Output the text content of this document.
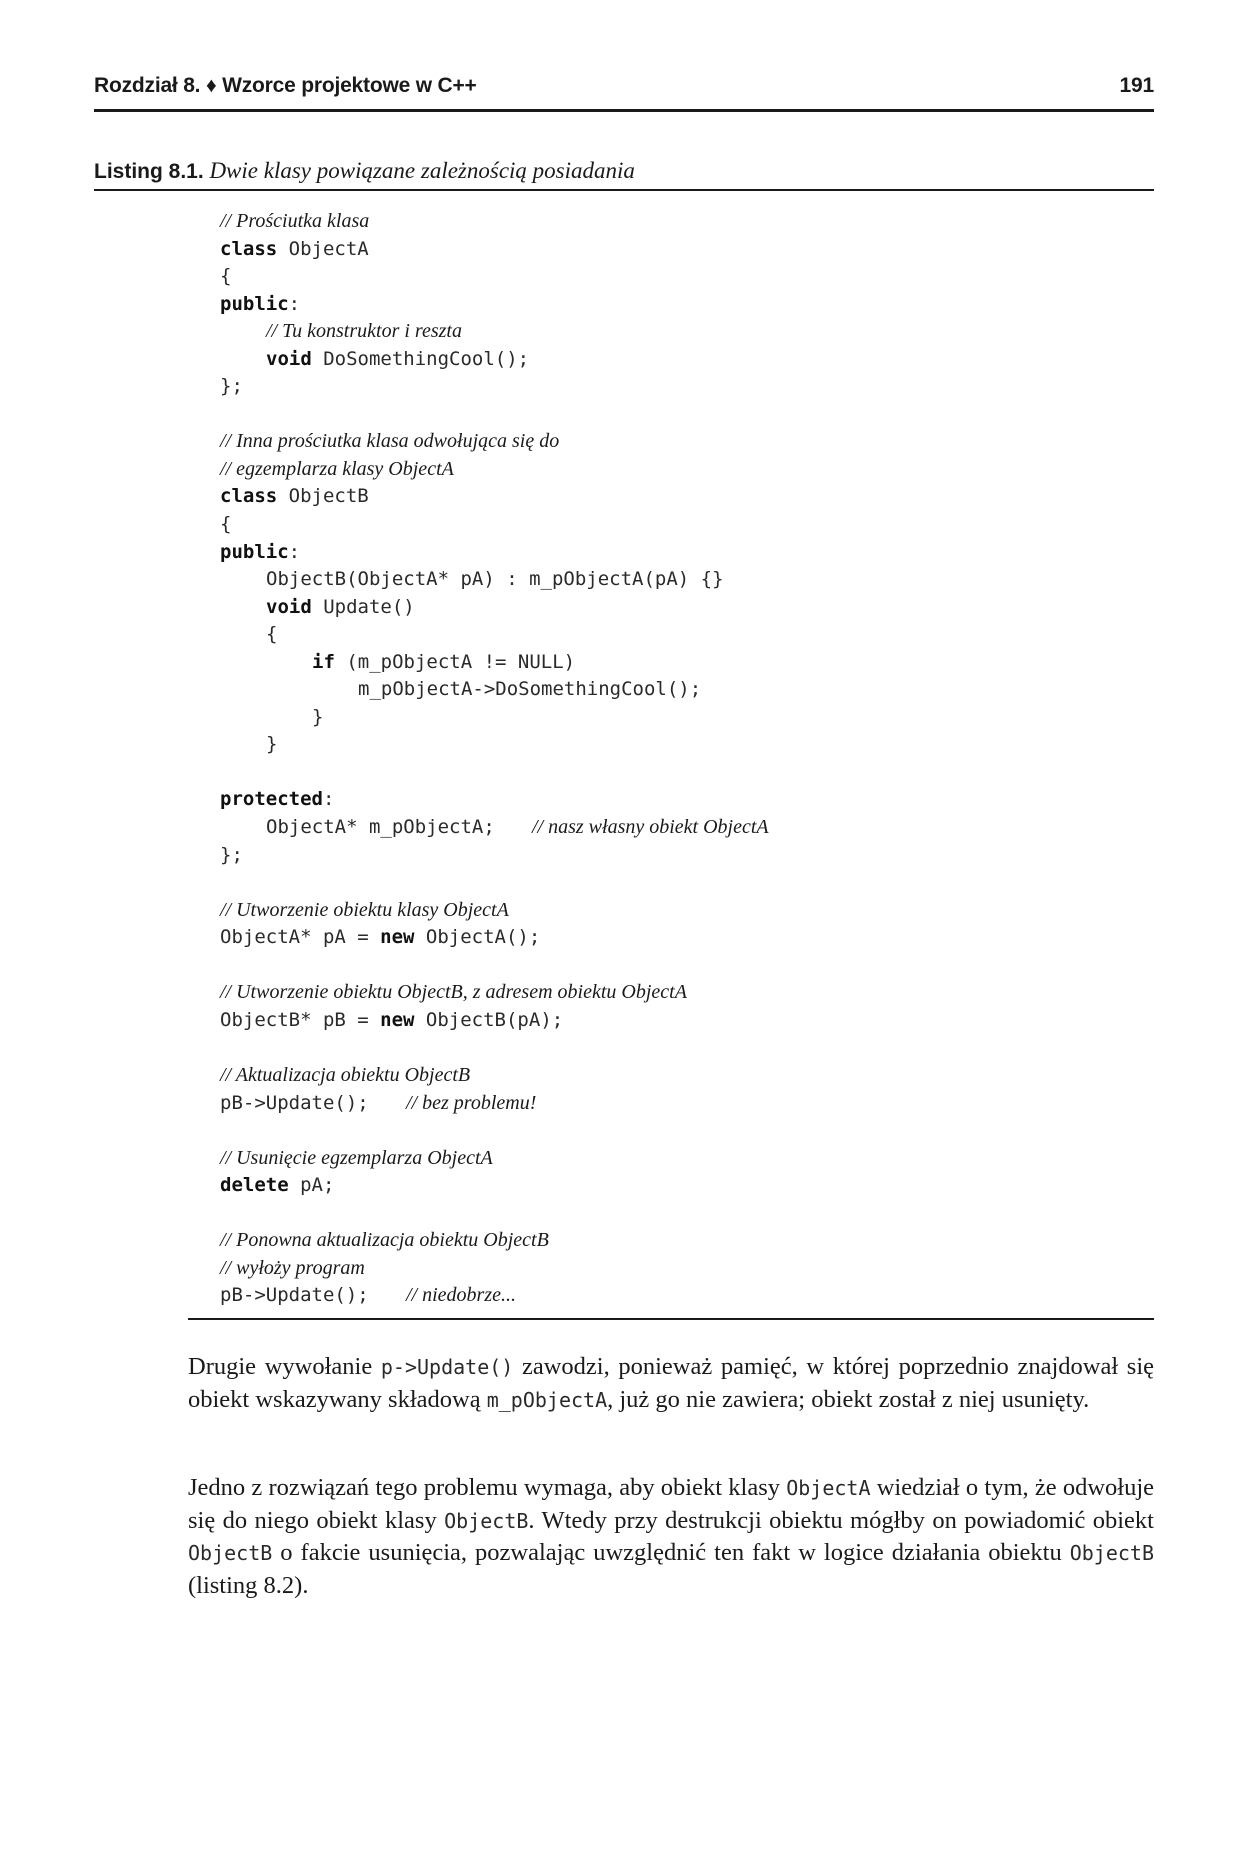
Rozdział 8. ♦ Wzorce projektowe w C++	191
Listing 8.1. Dwie klasy powiązane zależnością posiadania
// Prościutka klasa
class ObjectA
{
public:
// Tu konstruktor i reszta
void DoSomethingCool();
};
// Inna prościutka klasa odwołująca się do
// egzemplarza klasy ObjectA
class ObjectB
{
public:
ObjectB(ObjectA* pA) : m_pObjectA(pA) {}
void Update()
{
if (m_pObjectA != NULL)
m_pObjectA->DoSomethingCool();
}
}
protected:
ObjectA* m_pObjectA; // nasz własny obiekt ObjectA
};
// Utworzenie obiektu klasy ObjectA
ObjectA* pA = new ObjectA();
// Utworzenie obiektu ObjectB, z adresem obiektu ObjectA
ObjectB* pB = new ObjectB(pA);
// Aktualizacja obiektu ObjectB
pB->Update(); // bez problemu!
// Usunięcie egzemplarza ObjectA
delete pA;
// Ponowna aktualizacja obiektu ObjectB
// wyłoży program
pB->Update(); // niedobrze...
Drugie wywołanie p->Update() zawodzi, ponieważ pamięć, w której poprzednio znajdował się obiekt wskazywany składową m_pObjectA, już go nie zawiera; obiekt został z niej usunięty.
Jedno z rozwiązań tego problemu wymaga, aby obiekt klasy ObjectA wiedział o tym, że odwołuje się do niego obiekt klasy ObjectB. Wtedy przy destrukcji obiektu mógłby on powiadomić obiekt ObjectB o fakcie usunięcia, pozwalając uwzględnić ten fakt w logice działania obiektu ObjectB (listing 8.2).
